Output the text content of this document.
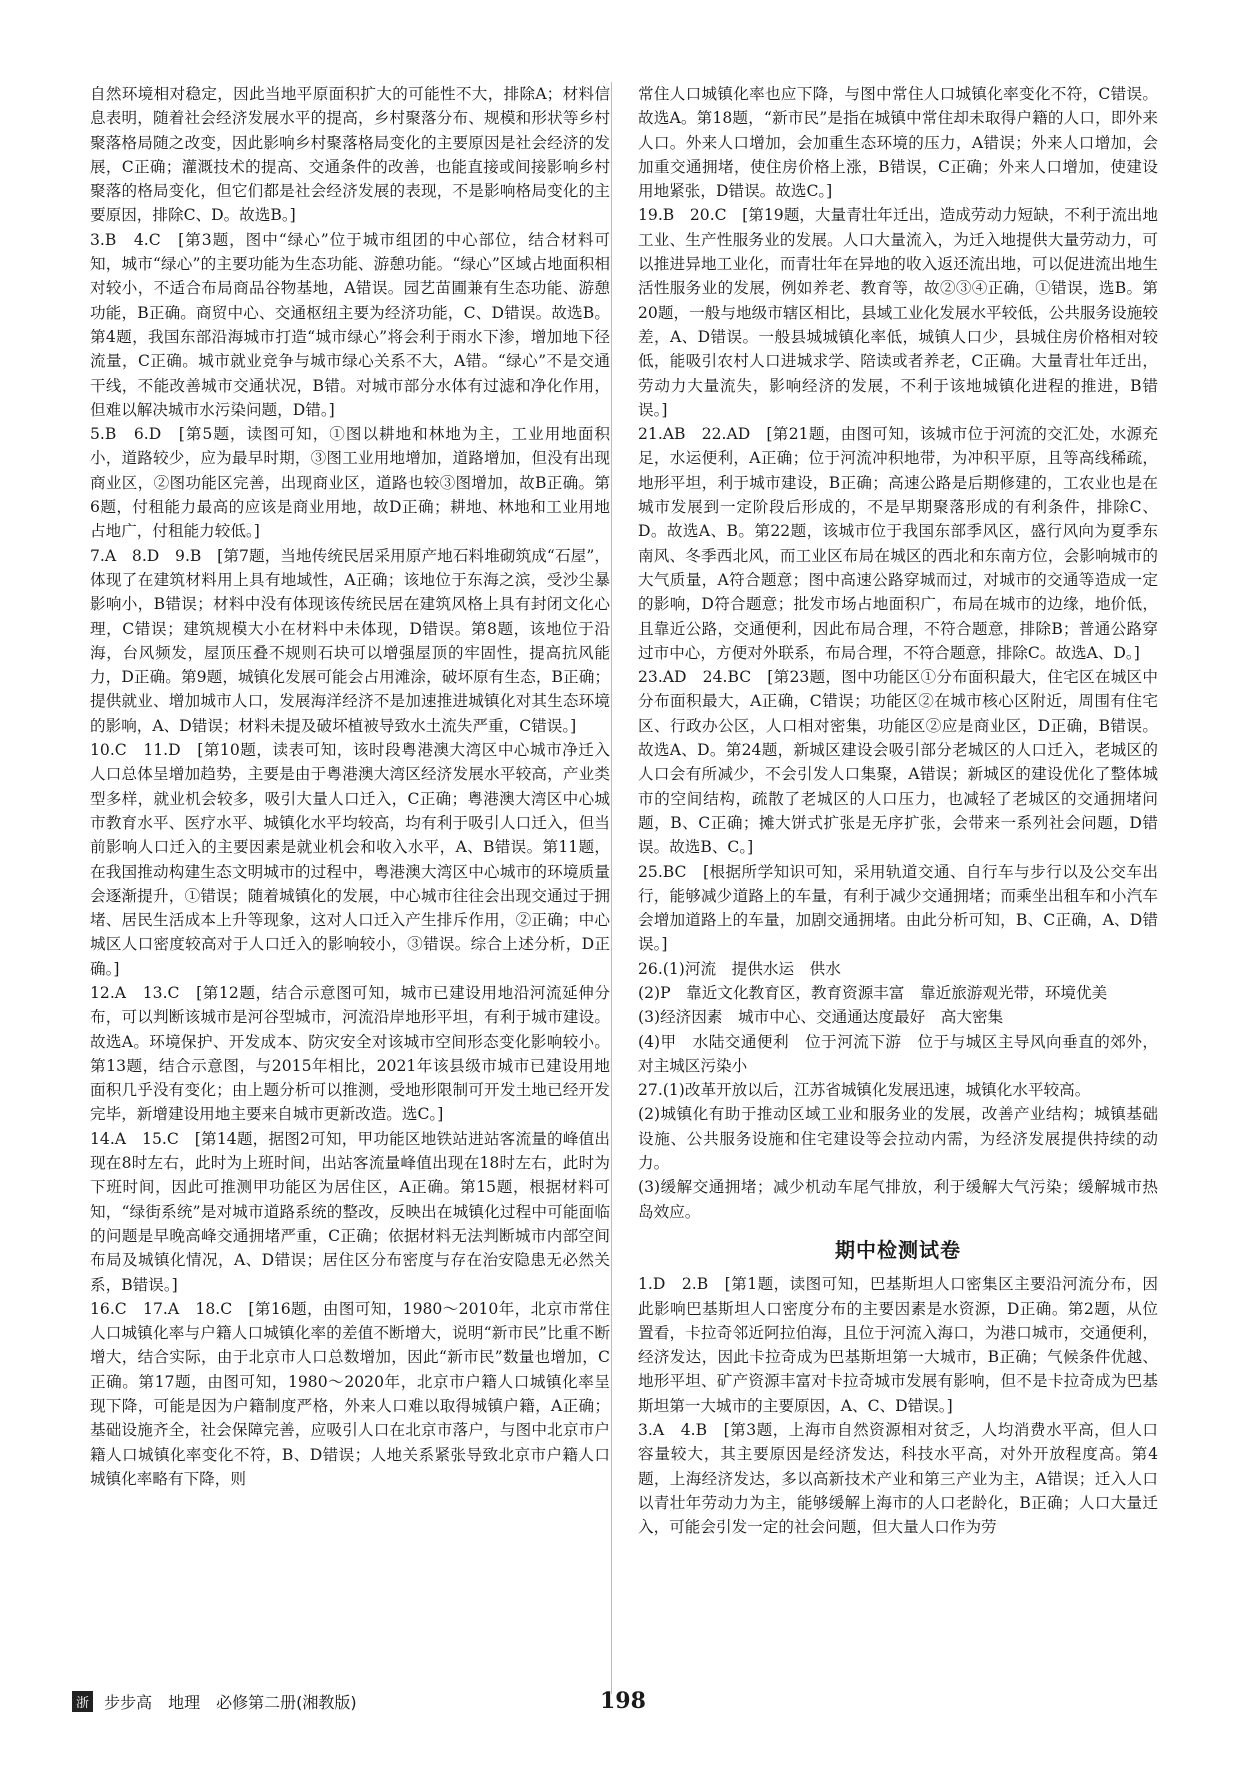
自然环境相对稳定，因此当地平原面积扩大的可能性不大，排除A；材料信息表明，随着社会经济发展水平的提高，乡村聚落分布、规模和形状等乡村聚落格局随之改变，因此影响乡村聚落格局变化的主要原因是社会经济的发展，C正确；灌溉技术的提高、交通条件的改善，也能直接或间接影响乡村聚落的格局变化，但它们都是社会经济发展的表现，不是影响格局变化的主要原因，排除C、D。故选B。]

3.B　4.C　[第3题，图中“绿心”位于城市组团的中心部位，结合材料可知，城市“绿心”的主要功能为生态功能、游憩功能。“绿心”区域占地面积相对较小，不适合布局商品谷物基地，A错误。园艺苗圃兼有生态功能、游憩功能，B正确。商贸中心、交通枢纽主要为经济功能，C、D错误。故选B。第4题，我国东部沿海城市打造“城市绿心”将会利于雨水下渗，增加地下径流量，C正确。城市就业竞争与城市绿心关系不大，A错。“绿心”不是交通干线，不能改善城市交通状况，B错。对城市部分水体有过滤和净化作用，但难以解决城市水污染问题，D错。]

5.B　6.D　[第5题，读图可知，①图以耕地和林地为主，工业用地面积小，道路较少，应为最早时期，③图工业用地增加，道路增加，但没有出现商业区，②图功能区完善，出现商业区，道路也较③图增加，故B正确。第6题，付租能力最高的应该是商业用地，故D正确；耕地、林地和工业用地占地广，付租能力较低。]

7.A　8.D　9.B　[第7题，当地传统民居采用原产地石料堆砌筑成“石屋”，体现了在建筑材料用上具有地域性，A正确；该地位于东海之滨，受沙尘暴影响小，B错误；材料中没有体现该传统民居在建筑风格上具有封闭文化心理，C错误；建筑规模大小在材料中未体现，D错误。第8题，该地位于沿海，台风频发，屋顶压叠不规则石块可以增强屋顶的牢固性，提高抗风能力，D正确。第9题，城镇化发展可能会占用滩涂，破坏原有生态，B正确；提供就业、增加城市人口，发展海洋经济不是加速推进城镇化对其生态环境的影响，A、D错误；材料未提及破坏植被导致水土流失严重，C错误。]

10.C　11.D　[第10题，读表可知，该时段粤港澳大湾区中心城市净迁入人口总体呈增加趋势，主要是由于粤港澳大湾区经济发展水平较高，产业类型多样，就业机会较多，吸引大量人口迁入，C正确；粤港澳大湾区中心城市教育水平、医疗水平、城镇化水平均较高，均有利于吸引人口迁入，但当前影响人口迁入的主要因素是就业机会和收入水平，A、B错误。第11题，在我国推动构建生态文明城市的过程中，粤港澳大湾区中心城市的环境质量会逐渐提升，①错误；随着城镇化的发展，中心城市往往会出现交通过于拥堵、居民生活成本上升等现象，这对人口迁入产生排斥作用，②正确；中心城区人口密度较高对于人口迁入的影响较小，③错误。综合上述分析，D正确。]

12.A　13.C　[第12题，结合示意图可知，城市已建设用地沿河流延伸分布，可以判断该城市是河谷型城市，河流沿岸地形平坦，有利于城市建设。故选A。环境保护、开发成本、防灾安全对该城市空间形态变化影响较小。第13题，结合示意图，与2015年相比，2021年该县级市城市已建设用地面积几乎没有变化；由上题分析可以推测，受地形限制可开发土地已经开发完毕，新增建设用地主要来自城市更新改造。选C。]

14.A　15.C　[第14题，据图2可知，甲功能区地铁站进站客流量的峰值出现在8时左右，此时为上班时间，出站客流量峰值出现在18时左右，此时为下班时间，因此可推测甲功能区为居住区，A正确。第15题，根据材料可知，“绿街系统”是对城市道路系统的整改，反映出在城镇化过程中可能面临的问题是早晚高峰交通拥堵严重，C正确；依据材料无法判断城市内部空间布局及城镇化情况，A、D错误；居住区分布密度与存在治安隐患无必然关系，B错误。]

16.C　17.A　18.C　[第16题，由图可知，1980～2010年，北京市常住人口城镇化率与户籍人口城镇化率的差值不断增大，说明“新市民”比重不断增大，结合实际，由于北京市人口总数增加，因此“新市民”数量也增加，C正确。第17题，由图可知，1980～2020年，北京市户籍人口城镇化率呈现下降，可能是因为户籍制度严格，外来人口难以取得城镇户籍，A正确；基础设施齐全，社会保障完善，应吸引人口在北京市落户，与图中北京市户籍人口城镇化率变化不符，B、D错误；人地关系紧张导致北京市户籍人口城镇化率略有下降，则

常住人口城镇化率也应下降，与图中常住人口城镇化率变化不符，C错误。故选A。第18题，“新市民”是指在城镇中常住却未取得户籍的人口，即外来人口。外来人口增加，会加重生态环境的压力，A错误；外来人口增加，会加重交通拥堵，使住房价格上涨，B错误，C正确；外来人口增加，使建设用地紧张，D错误。故选C。]

19.B　20.C　[第19题，大量青壮年迁出，造成劳动力短缺，不利于流出地工业、生产性服务业的发展。人口大量流入，为迁入地提供大量劳动力，可以推进异地工业化，而青壮年在异地的收入返还流出地，可以促进流出地生活性服务业的发展，例如养老、教育等，故②③④正确，①错误，选B。第20题，一般与地级市辖区相比，县域工业化发展水平较低，公共服务设施较差，A、D错误。一般县城城镇化率低，城镇人口少，县城住房价格相对较低，能吸引农村人口进城求学、陪读或者养老，C正确。大量青壮年迁出，劳动力大量流失，影响经济的发展，不利于该地城镇化进程的推进，B错误。]

21.AB　22.AD　[第21题，由图可知，该城市位于河流的交汇处，水源充足，水运便利，A正确；位于河流冲积地带，为冲积平原，且等高线稀疏，地形平坦，利于城市建设，B正确；高速公路是后期修建的，工农业也是在城市发展到一定阶段后形成的，不是早期聚落形成的有利条件，排除C、D。故选A、B。第22题，该城市位于我国东部季风区，盛行风向为夏季东南风、冬季西北风，而工业区布局在城区的西北和东南方位，会影响城市的大气质量，A符合题意；图中高速公路穿城而过，对城市的交通等造成一定的影响，D符合题意；批发市场占地面积广，布局在城市的边缘，地价低，且靠近公路，交通便利，因此布局合理，不符合题意，排除B；普通公路穿过市中心，方便对外联系，布局合理，不符合题意，排除C。故选A、D。]

23.AD　24.BC　[第23题，图中功能区①分布面积最大，住宅区在城区中分布面积最大，A正确，C错误；功能区②在城市核心区附近，周围有住宅区、行政办公区，人口相对密集，功能区②应是商业区，D正确，B错误。故选A、D。第24题，新城区建设会吸引部分老城区的人口迁入，老城区的人口会有所减少，不会引发人口集聚，A错误；新城区的建设优化了整体城市的空间结构，疏散了老城区的人口压力，也减轻了老城区的交通拥堵问题，B、C正确；摊大饼式扩张是无序扩张，会带来一系列社会问题，D错误。故选B、C。]

25.BC　[根据所学知识可知，采用轨道交通、自行车与步行以及公交车出行，能够减少道路上的车量，有利于减少交通拥堵；而乘坐出租车和小汽车会增加道路上的车量，加剧交通拥堵。由此分析可知，B、C正确，A、D错误。]

26.(1)河流　提供水运　供水

(2)P　靠近文化教育区，教育资源丰富　靠近旅游观光带，环境优美

(3)经济因素　城市中心、交通通达度最好　高大密集

(4)甲　水陆交通便利　位于河流下游　位于与城区主导风向垂直的郊外，对主城区污染小

27.(1)改革开放以后，江苏省城镇化发展迅速，城镇化水平较高。

(2)城镇化有助于推动区域工业和服务业的发展，改善产业结构；城镇基础设施、公共服务设施和住宅建设等会拉动内需，为经济发展提供持续的动力。

(3)缓解交通拥堵；减少机动车尾气排放，利于缓解大气污染；缓解城市热岛效应。

期中检测试卷

1.D　2.B　[第1题，读图可知，巴基斯坦人口密集区主要沿河流分布，因此影响巴基斯坦人口密度分布的主要因素是水资源，D正确。第2题，从位置看，卡拉奇邻近阿拉伯海，且位于河流入海口，为港口城市，交通便利，经济发达，因此卡拉奇成为巴基斯坦第一大城市，B正确；气候条件优越、地形平坦、矿产资源丰富对卡拉奇城市发展有影响，但不是卡拉奇成为巴基斯坦第一大城市的主要原因，A、C、D错误。]

3.A　4.B　[第3题，上海市自然资源相对贫乏，人均消费水平高，但人口容量较大，其主要原因是经济发达，科技水平高，对外开放程度高。第4题，上海经济发达，多以高新技术产业和第三产业为主，A错误；迁入人口以青壮年劳动力为主，能够缓解上海市的人口老龄化，B正确；人口大量迁入，可能会引发一定的社会问题，但大量人口作为劳

浙 步步高　地理　必修第二册(湘教版)	198
